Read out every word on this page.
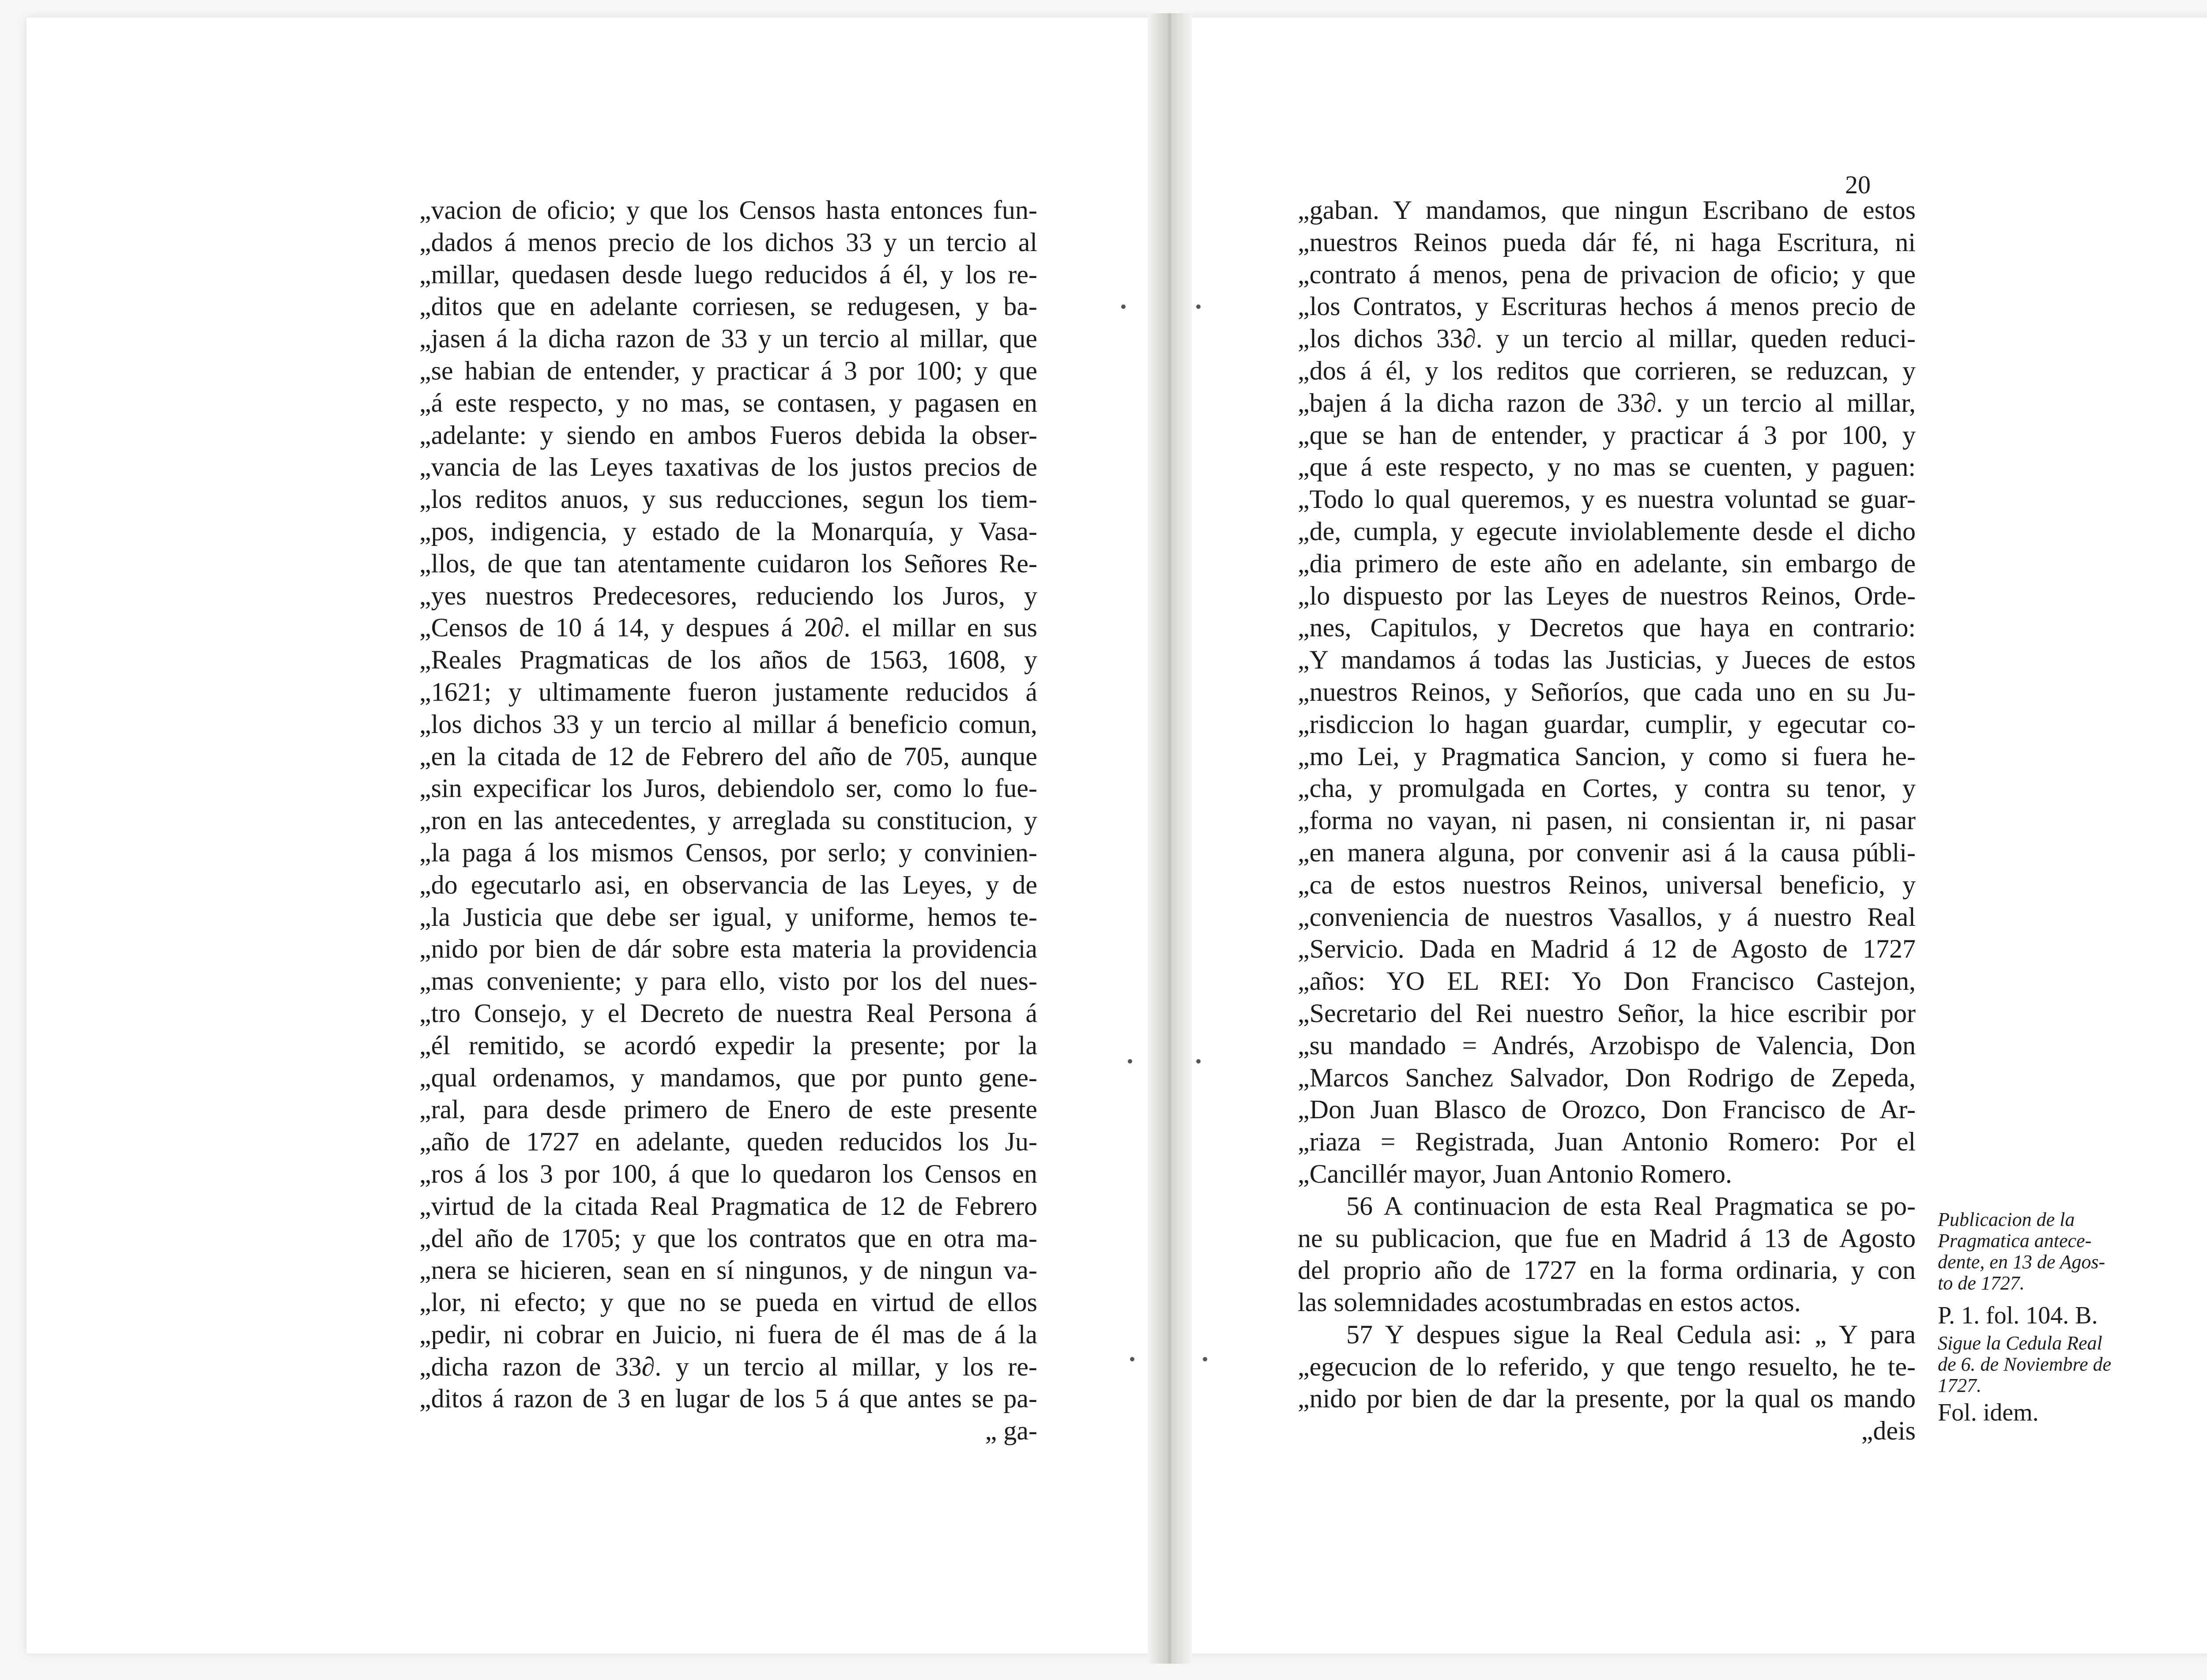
„vacion de oficio; y que los Censos hasta entonces fun-
„dados á menos precio de los dichos 33 y un tercio al
„millar, quedasen desde luego reducidos á él, y los re-
„ditos que en adelante corriesen, se redugesen, y ba-
„jasen á la dicha razon de 33 y un tercio al millar, que
„se habian de entender, y practicar á 3 por 100; y que
„á este respecto, y no mas, se contasen, y pagasen en
„adelante: y siendo en ambos Fueros debida la obser-
„vancia de las Leyes taxativas de los justos precios de
„los reditos anuos, y sus reducciones, segun los tiem-
„pos, indigencia, y estado de la Monarquía, y Vasa-
„llos, de que tan atentamente cuidaron los Señores Re-
„yes nuestros Predecesores, reduciendo los Juros, y
„Censos de 10 á 14, y despues á 20∂. el millar en sus
„Reales Pragmaticas de los años de 1563, 1608, y
„1621; y ultimamente fueron justamente reducidos á
„los dichos 33 y un tercio al millar á beneficio comun,
„en la citada de 12 de Febrero del año de 705, aunque
„sin expecificar los Juros, debiendolo ser, como lo fue-
„ron en las antecedentes, y arreglada su constitucion, y
„la paga á los mismos Censos, por serlo; y convinien-
„do egecutarlo asi, en observancia de las Leyes, y de
„la Justicia que debe ser igual, y uniforme, hemos te-
„nido por bien de dár sobre esta materia la providencia
„mas conveniente; y para ello, visto por los del nues-
„tro Consejo, y el Decreto de nuestra Real Persona á
„él remitido, se acordó expedir la presente; por la
„qual ordenamos, y mandamos, que por punto gene-
„ral, para desde primero de Enero de este presente
„año de 1727 en adelante, queden reducidos los Ju-
„ros á los 3 por 100, á que lo quedaron los Censos en
„virtud de la citada Real Pragmatica de 12 de Febrero
„del año de 1705; y que los contratos que en otra ma-
„nera se hicieren, sean en sí ningunos, y de ningun va-
„lor, ni efecto; y que no se pueda en virtud de ellos
„pedir, ni cobrar en Juicio, ni fuera de él mas de á la
„dicha razon de 33∂. y un tercio al millar, y los re-
„ditos á razon de 3 en lugar de los 5 á que antes se pa-
„ ga-
20
„gaban. Y mandamos, que ningun Escribano de estos
„nuestros Reinos pueda dár fé, ni haga Escritura, ni
„contrato á menos, pena de privacion de oficio; y que
„los Contratos, y Escrituras hechos á menos precio de
„los dichos 33∂. y un tercio al millar, queden reduci-
„dos á él, y los reditos que corrieren, se reduzcan, y
„bajen á la dicha razon de 33∂. y un tercio al millar,
„que se han de entender, y practicar á 3 por 100, y
„que á este respecto, y no mas se cuenten, y paguen:
„Todo lo qual queremos, y es nuestra voluntad se guar-
„de, cumpla, y egecute inviolablemente desde el dicho
„dia primero de este año en adelante, sin embargo de
„lo dispuesto por las Leyes de nuestros Reinos, Orde-
„nes, Capitulos, y Decretos que haya en contrario:
„Y mandamos á todas las Justicias, y Jueces de estos
„nuestros Reinos, y Señoríos, que cada uno en su Ju-
„risdiccion lo hagan guardar, cumplir, y egecutar co-
„mo Lei, y Pragmatica Sancion, y como si fuera he-
„cha, y promulgada en Cortes, y contra su tenor, y
„forma no vayan, ni pasen, ni consientan ir, ni pasar
„en manera alguna, por convenir asi á la causa públi-
„ca de estos nuestros Reinos, universal beneficio, y
„conveniencia de nuestros Vasallos, y á nuestro Real
„Servicio. Dada en Madrid á 12 de Agosto de 1727
„años: YO EL REI: Yo Don Francisco Castejon,
„Secretario del Rei nuestro Señor, la hice escribir por
„su mandado = Andrés, Arzobispo de Valencia, Don
„Marcos Sanchez Salvador, Don Rodrigo de Zepeda,
„Don Juan Blasco de Orozco, Don Francisco de Ar-
„riaza = Registrada, Juan Antonio Romero: Por el
„Cancillér mayor, Juan Antonio Romero.
56 A continuacion de esta Real Pragmatica se po-
ne su publicacion, que fue en Madrid á 13 de Agosto
del proprio año de 1727 en la forma ordinaria, y con
las solemnidades acostumbradas en estos actos.
57 Y despues sigue la Real Cedula asi: „ Y para
„egecucion de lo referido, y que tengo resuelto, he te-
„nido por bien de dar la presente, por la qual os mando
„deis
Publicacion de la
Pragmatica antece-
dente, en 13 de Agos-
to de 1727.
P. 1. fol. 104. B.
Sigue la Cedula Real
de 6. de Noviembre de
1727.
Fol. idem.
